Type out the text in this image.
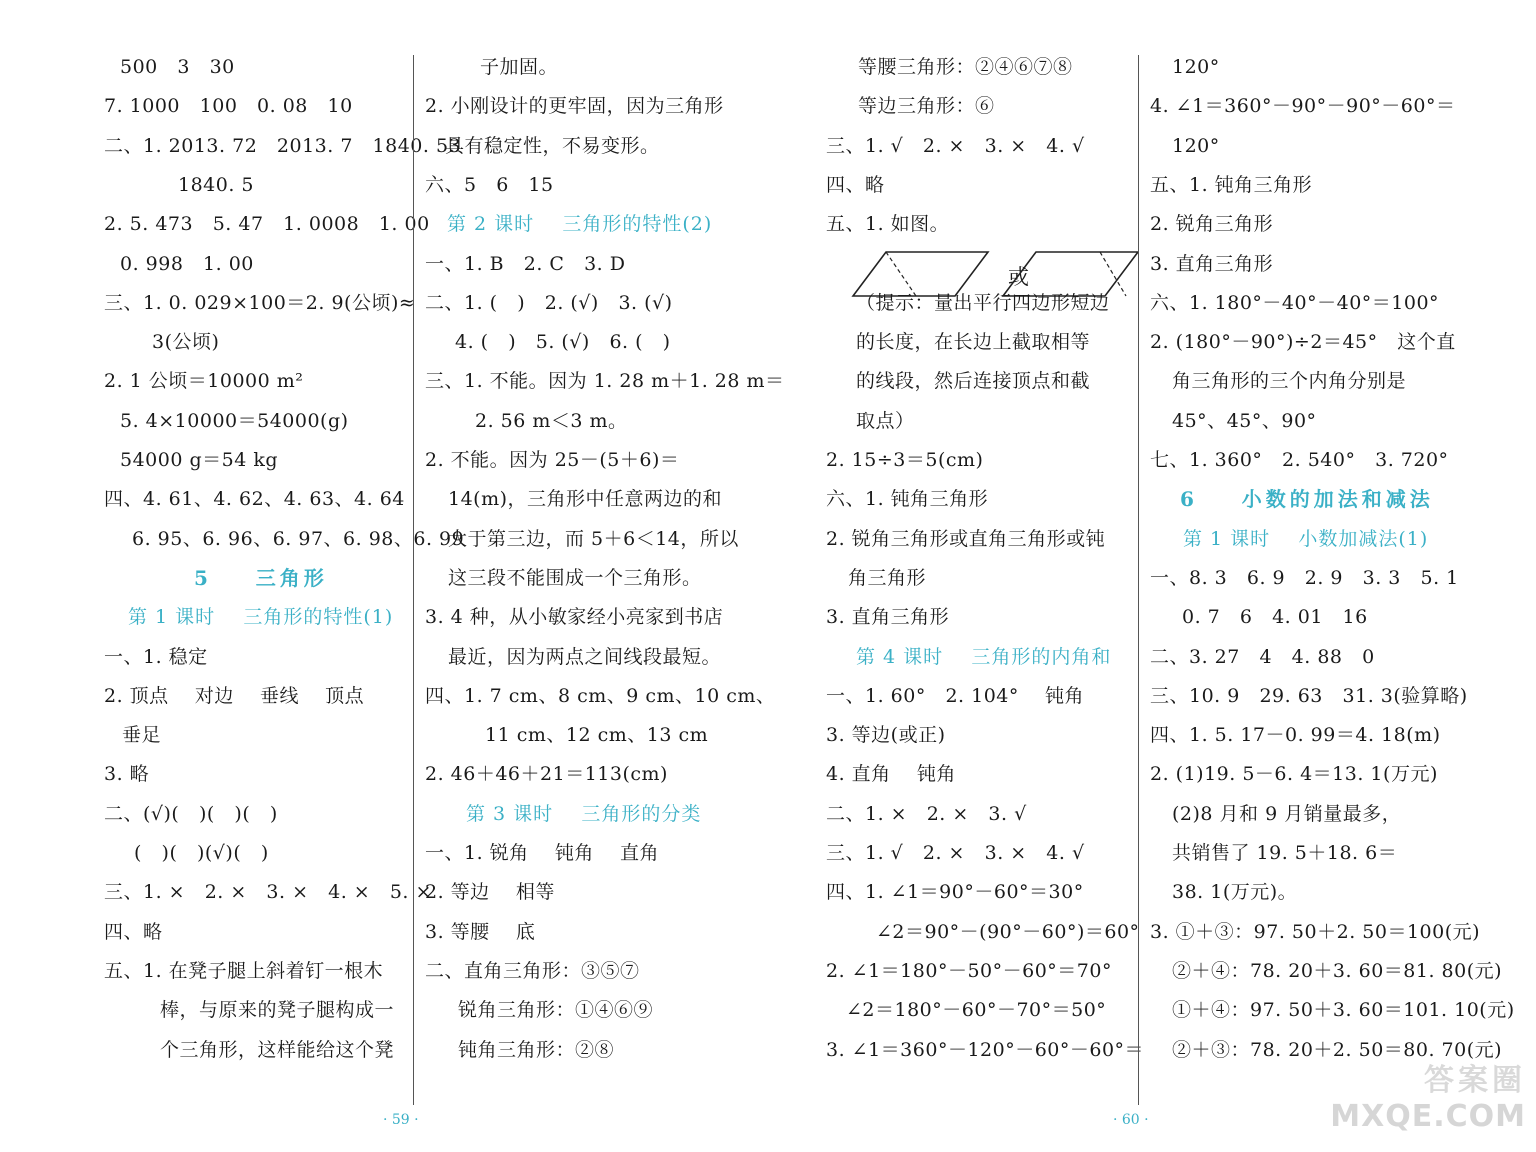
500   3   30
7. 1000   100   0. 08   10
二、1. 2013. 72   2013. 7   1840. 53
1840. 5
2. 5. 473   5. 47   1. 0008   1. 00
0. 998   1. 00
三、1. 0. 029×100＝2. 9(公顷)≈
3(公顷)
2. 1 公顷＝10000 m²
5. 4×10000＝54000(g)
54000 g＝54 kg
四、4. 61、4. 62、4. 63、4. 64
6. 95、6. 96、6. 97、6. 98、6. 99
5    三角形
第 1 课时    三角形的特性(1)
一、1. 稳定
2. 顶点    对边    垂线    顶点
垂足
3. 略
二、(√)(   )(   )(   )
(   )(   )(√)(   )
三、1. ×   2. ×   3. ×   4. ×   5. ×
四、略
五、1. 在凳子腿上斜着钉一根木
棒，与原来的凳子腿构成一
个三角形，这样能给这个凳
子加固。
2. 小刚设计的更牢固，因为三角形
具有稳定性，不易变形。
六、5   6   15
第 2 课时    三角形的特性(2)
一、1. B   2. C   3. D
二、1. (   )   2. (√)   3. (√)
4. (   )   5. (√)   6. (   )
三、1. 不能。因为 1. 28 m＋1. 28 m＝
2. 56 m＜3 m。
2. 不能。因为 25－(5＋6)＝
14(m)，三角形中任意两边的和
大于第三边，而 5＋6＜14，所以
这三段不能围成一个三角形。
3. 4 种，从小敏家经小亮家到书店
最近，因为两点之间线段最短。
四、1. 7 cm、8 cm、9 cm、10 cm、
11 cm、12 cm、13 cm
2. 46＋46＋21＝113(cm)
第 3 课时    三角形的分类
一、1. 锐角    钝角    直角
2. 等边    相等
3. 等腰    底
二、直角三角形：③⑤⑦
锐角三角形：①④⑥⑨
钝角三角形：②⑧
· 59 ·
等腰三角形：②④⑥⑦⑧
等边三角形：⑥
三、1. √   2. ×   3. ×   4. √
四、略
五、1. 如图。
或
（提示：量出平行四边形短边
的长度，在长边上截取相等
的线段，然后连接顶点和截
取点）
2. 15÷3＝5(cm)
六、1. 钝角三角形
2. 锐角三角形或直角三角形或钝
角三角形
3. 直角三角形
第 4 课时    三角形的内角和
一、1. 60°   2. 104°    钝角
3. 等边(或正)
4. 直角    钝角
二、1. ×   2. ×   3. √
三、1. √   2. ×   3. ×   4. √
四、1. ∠1＝90°－60°＝30°
∠2＝90°－(90°－60°)＝60°
2. ∠1＝180°－50°－60°＝70°
∠2＝180°－60°－70°＝50°
3. ∠1＝360°－120°－60°－60°＝
120°
4. ∠1＝360°－90°－90°－60°＝
120°
五、1. 钝角三角形
2. 锐角三角形
3. 直角三角形
六、1. 180°－40°－40°＝100°
2. (180°－90°)÷2＝45°   这个直
角三角形的三个内角分别是
45°、45°、90°
七、1. 360°   2. 540°   3. 720°
6    小数的加法和减法
第 1 课时    小数加减法(1)
一、8. 3   6. 9   2. 9   3. 3   5. 1
0. 7   6   4. 01   16
二、3. 27   4   4. 88   0
三、10. 9   29. 63   31. 3(验算略)
四、1. 5. 17－0. 99＝4. 18(m)
2. (1)19. 5－6. 4＝13. 1(万元)
(2)8 月和 9 月销量最多，
共销售了 19. 5＋18. 6＝
38. 1(万元)。
3. ①＋③：97. 50＋2. 50＝100(元)
②＋④：78. 20＋3. 60＝81. 80(元)
①＋④：97. 50＋3. 60＝101. 10(元)
②＋③：78. 20＋2. 50＝80. 70(元)
· 60 ·
答案圈
MXQE.COM
